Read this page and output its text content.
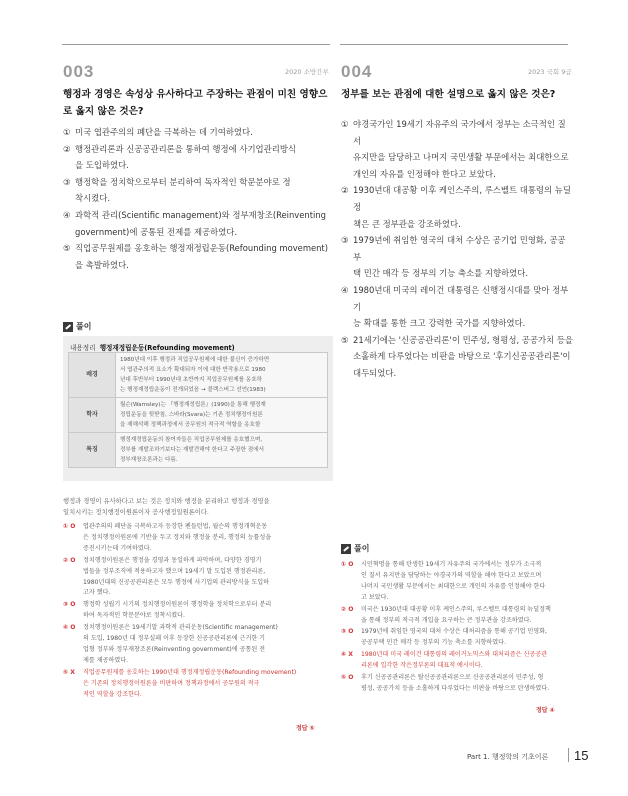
003	2020 소방간부
행정과 경영은 속성상 유사하다고 주장하는 관점이 미친 영향으
로 옳지 않은 것은?
① 미국 엽관주의의 폐단을 극복하는 데 기여하였다.
② 행정관리론과 신공공관리론을 통하여 행정에 사기업관리방식
을 도입하였다.
③ 행정학을 정치학으로부터 분리하여 독자적인 학문분야로 정
착시켰다.
④ 과학적 관리(Scientific management)와 정부재창조(Reinventing
government)에 공통된 전제를 제공하였다.
⑤ 직업공무원제를 옹호하는 행정재정립운동(Refounding movement)
을 촉발하였다.
004	2023 국회 9급
정부를 보는 관점에 대한 설명으로 옳지 않은 것은?
① 야경국가인 19세기 자유주의 국가에서 정부는 소극적인 질서
유지만을 담당하고 나머지 국민생활 부문에서는 최대한으로
개인의 자유를 인정해야 한다고 보았다.
② 1930년대 대공황 이후 케인스주의, 루스벨트 대통령의 뉴딜정
책은 큰 정부관을 강조하였다.
③ 1979년에 취임한 영국의 대처 수상은 공기업 민영화, 공공부
택 민간 매각 등 정부의 기능 축소를 지향하였다.
④ 1980년대 미국의 레이건 대통령은 신행정시대를 맞아 정부 기
능 확대를 통한 크고 강력한 국가를 지향하였다.
⑤ 21세기에는 '신공공관리론'이 민주성, 형평성, 공공가치 등을
소홀하게 다루었다는 비판을 바탕으로 '후기신공공관리론'이
대두되었다.
풀이
내용정리 행정재정립운동(Refounding movement)
배경	1980년대 이후 행정과 직업공무원제에 대한 불신이 증가하면
서 엽관주의적 요소가 확대되자 이에 대한 반작용으로 1980
년대 후반부터 1990년대 초반까지 직업공무원제를 옹호하
는 행정재정립운동이 전개되었음 → 블랙스버그 선언(1983)

학자	월슨(Wamsley)는 『행정재정립론』(1990)을 통해 행정재
정립운동을 뒷받침, 스바라(Svara)는 기존 정치행정이원론
을 재해석해 정책과정에서 공무원의 적극적 역할을 옹호함

특징	행정재정립운동의 참여자들은 직업공무원제를 옹호했으며,
정부를 재발조하기보다는 재발견해야 한다고 주장한 점에서
정부재창조론과는 다름.
행정과 경영이 유사하다고 보는 것은 정치와 행정을 분리하고 행정과 경영을
일치시키는 정치행정이원론이자 공사행정일원론이다.
① O	엽관주의의 폐단을 극복하고자 등장한 펜들턴법, 월슨의 행정개혁운동
은 정치행정이원론에 기반을 두고 정치와 행정을 분리, 행정의 능률성을
증진시키는데 기여하였다.
② O	정치행정이원론은 행정을 경영과 동일하게 파악하며, 다양한 경영기
법들을 정부조직에 적용하고자 했으며 19세기 말 도입된 행정관리론,
1980년대의 신공공관리론은 모두 행정에 사기업의 관리방식을 도입하
고자 했다.
③ O	행정학 성립기 시기의 정치행정이원론이 행정학을 정치학으로부터 분리
하여 독자적인 학문분야로 정착시켰다.
④ O	정치행정이원론은 19세기말 과학적 관리운동(Scientific management)
의 도입, 1980년 대 정부실패 이후 등장한 신공공관리론에 근거한 기
업형 정부와 정부재창조론(Reinventing government)에 공통된 전
제를 제공하였다.
⑤ X	직업공무원제를 옹호하는 1990년대 행정재정립운동(Refounding movement)
은 기존의 정치행정이원론을 비판하며 정책과정에서 공무원의 적극
적인 역할을 강조한다.
정답 ⑤
풀이
① O	시민혁명을 통해 탄생한 19세기 자유주의 국가에서는 정부가 소극적
인 질서 유지만을 담당하는 야경국가의 역할을 해야 한다고 보았으며
나머지 국민생활 부문에서는 최대한으로 개인의 자유를 인정해야 한다
고 보았다.
② O	미국은 1930년대 대공황 이후 케인스주의, 루스벨트 대통령의 뉴딜정책
을 통해 정부의 적극적 개입을 요구하는 큰 정부관을 강조하였다.
③ O	1979년에 취임한 영국의 대처 수상은 대처리즘을 통해 공기업 민영화,
공공부택 민간 매각 등 정부의 기능 축소를 지향하였다.
④ X	1980년대 미국 레이건 대통령의 레이거노믹스와 대처리즘은 신공공관
리론에 입각한 작은정부론의 대표적 예시이다.
⑤ O	후기 신공공관리론은 탈신공공관리론으로 신공공관리론이 민주성, 형
평성, 공공가치 등을 소홀하게 다루었다는 비판을 바탕으로 탄생하였다.
정답 ④
Part 1. 행정학의 기초이론 15
